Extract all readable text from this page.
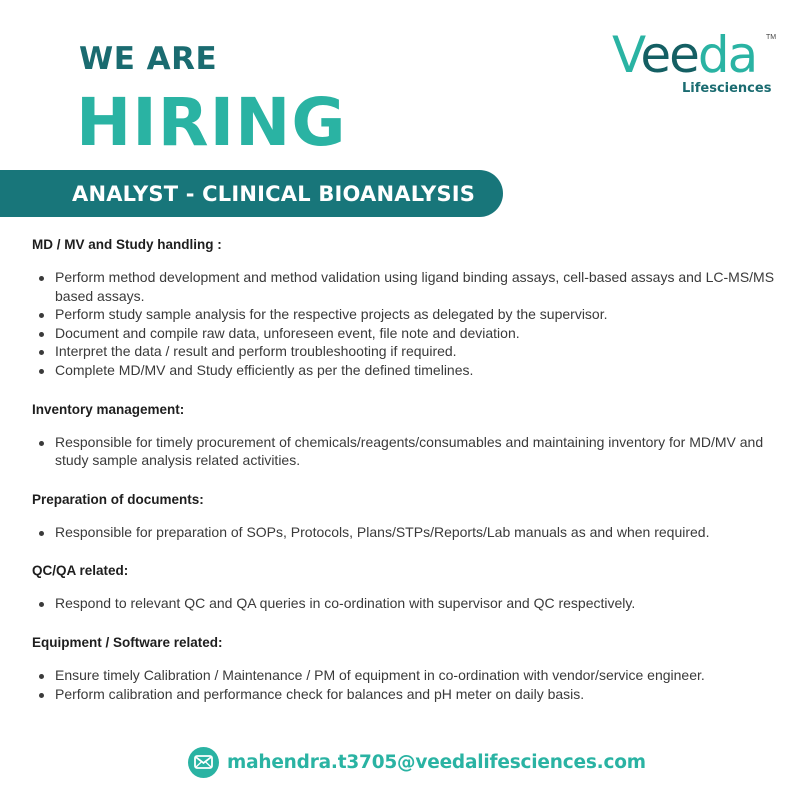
WE ARE
HIRING
Veeda TM
Lifesciences
ANALYST - CLINICAL BIOANALYSIS
MD / MV and Study handling :
Perform method development and method validation using ligand binding assays, cell-based assays and LC-MS/MS based assays.
Perform study sample analysis for the respective projects as delegated by the supervisor.
Document and compile raw data, unforeseen event, file note and deviation.
Interpret the data / result and perform troubleshooting if required.
Complete MD/MV and Study efficiently as per the defined timelines.
Inventory management:
Responsible for timely procurement of chemicals/reagents/consumables and maintaining inventory for MD/MV and study sample analysis related activities.
Preparation of documents:
Responsible for preparation of SOPs, Protocols, Plans/STPs/Reports/Lab manuals as and when required.
QC/QA related:
Respond to relevant QC and QA queries in co-ordination with supervisor and QC respectively.
Equipment / Software related:
Ensure timely Calibration / Maintenance / PM of equipment in co-ordination with vendor/service engineer.
Perform calibration and performance check for balances and pH meter on daily basis.
mahendra.t3705@veedalifesciences.com
